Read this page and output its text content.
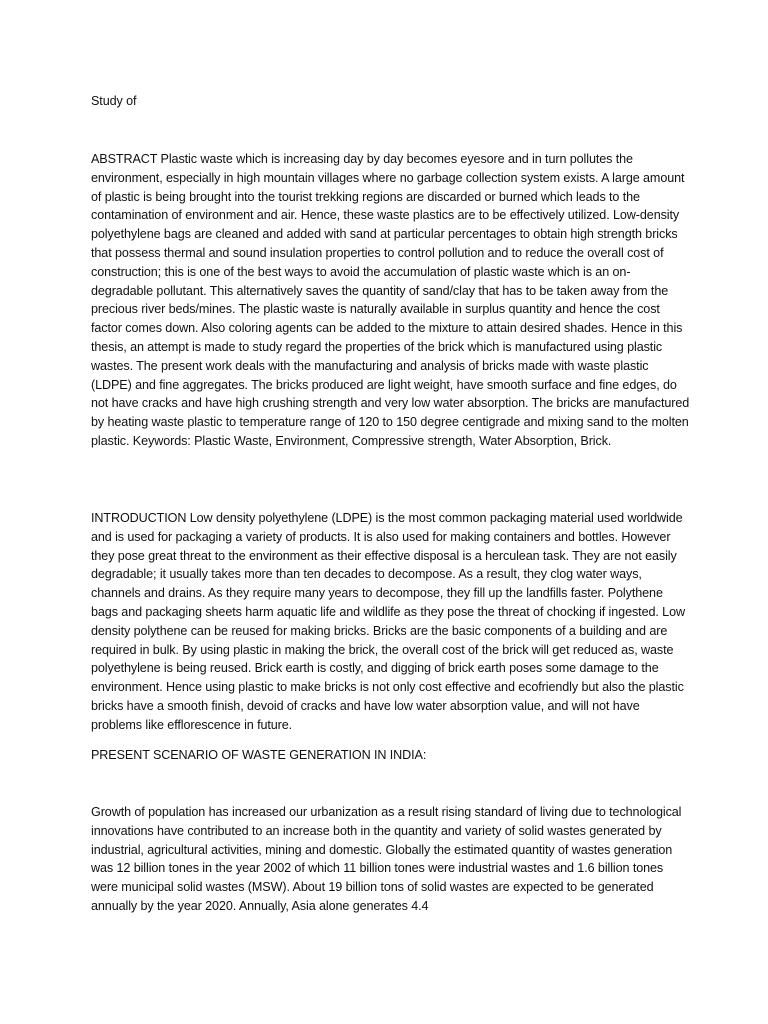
Study of

ABSTRACT Plastic waste which is increasing day by day becomes eyesore and in turn pollutes the environment, especially in high mountain villages where no garbage collection system exists. A large amount of plastic is being brought into the tourist trekking regions are discarded or burned which leads to the contamination of environment and air. Hence, these waste plastics are to be effectively utilized. Low-density polyethylene bags are cleaned and added with sand at particular percentages to obtain high strength bricks that possess thermal and sound insulation properties to control pollution and to reduce the overall cost of construction; this is one of the best ways to avoid the accumulation of plastic waste which is an on-degradable pollutant. This alternatively saves the quantity of sand/clay that has to be taken away from the precious river beds/mines. The plastic waste is naturally available in surplus quantity and hence the cost factor comes down. Also coloring agents can be added to the mixture to attain desired shades. Hence in this thesis, an attempt is made to study regard the properties of the brick which is manufactured using plastic wastes. The present work deals with the manufacturing and analysis of bricks made with waste plastic (LDPE) and fine aggregates. The bricks produced are light weight, have smooth surface and fine edges, do not have cracks and have high crushing strength and very low water absorption. The bricks are manufactured by heating waste plastic to temperature range of 120 to 150 degree centigrade and mixing sand to the molten plastic. Keywords: Plastic Waste, Environment, Compressive strength, Water Absorption, Brick.

INTRODUCTION Low density polyethylene (LDPE) is the most common packaging material used worldwide and is used for packaging a variety of products. It is also used for making containers and bottles. However they pose great threat to the environment as their effective disposal is a herculean task. They are not easily degradable; it usually takes more than ten decades to decompose. As a result, they clog water ways, channels and drains. As they require many years to decompose, they fill up the landfills faster. Polythene bags and packaging sheets harm aquatic life and wildlife as they pose the threat of chocking if ingested. Low density polythene can be reused for making bricks. Bricks are the basic components of a building and are required in bulk. By using plastic in making the brick, the overall cost of the brick will get reduced as, waste polyethylene is being reused. Brick earth is costly, and digging of brick earth poses some damage to the environment. Hence using plastic to make bricks is not only cost effective and ecofriendly but also the plastic bricks have a smooth finish, devoid of cracks and have low water absorption value, and will not have problems like efflorescence in future.

PRESENT SCENARIO OF WASTE GENERATION IN INDIA:

Growth of population has increased our urbanization as a result rising standard of living due to technological innovations have contributed to an increase both in the quantity and variety of solid wastes generated by industrial, agricultural activities, mining and domestic. Globally the estimated quantity of wastes generation was 12 billion tones in the year 2002 of which 11 billion tones were industrial wastes and 1.6 billion tones were municipal solid wastes (MSW). About 19 billion tons of solid wastes are expected to be generated annually by the year 2020. Annually, Asia alone generates 4.4
